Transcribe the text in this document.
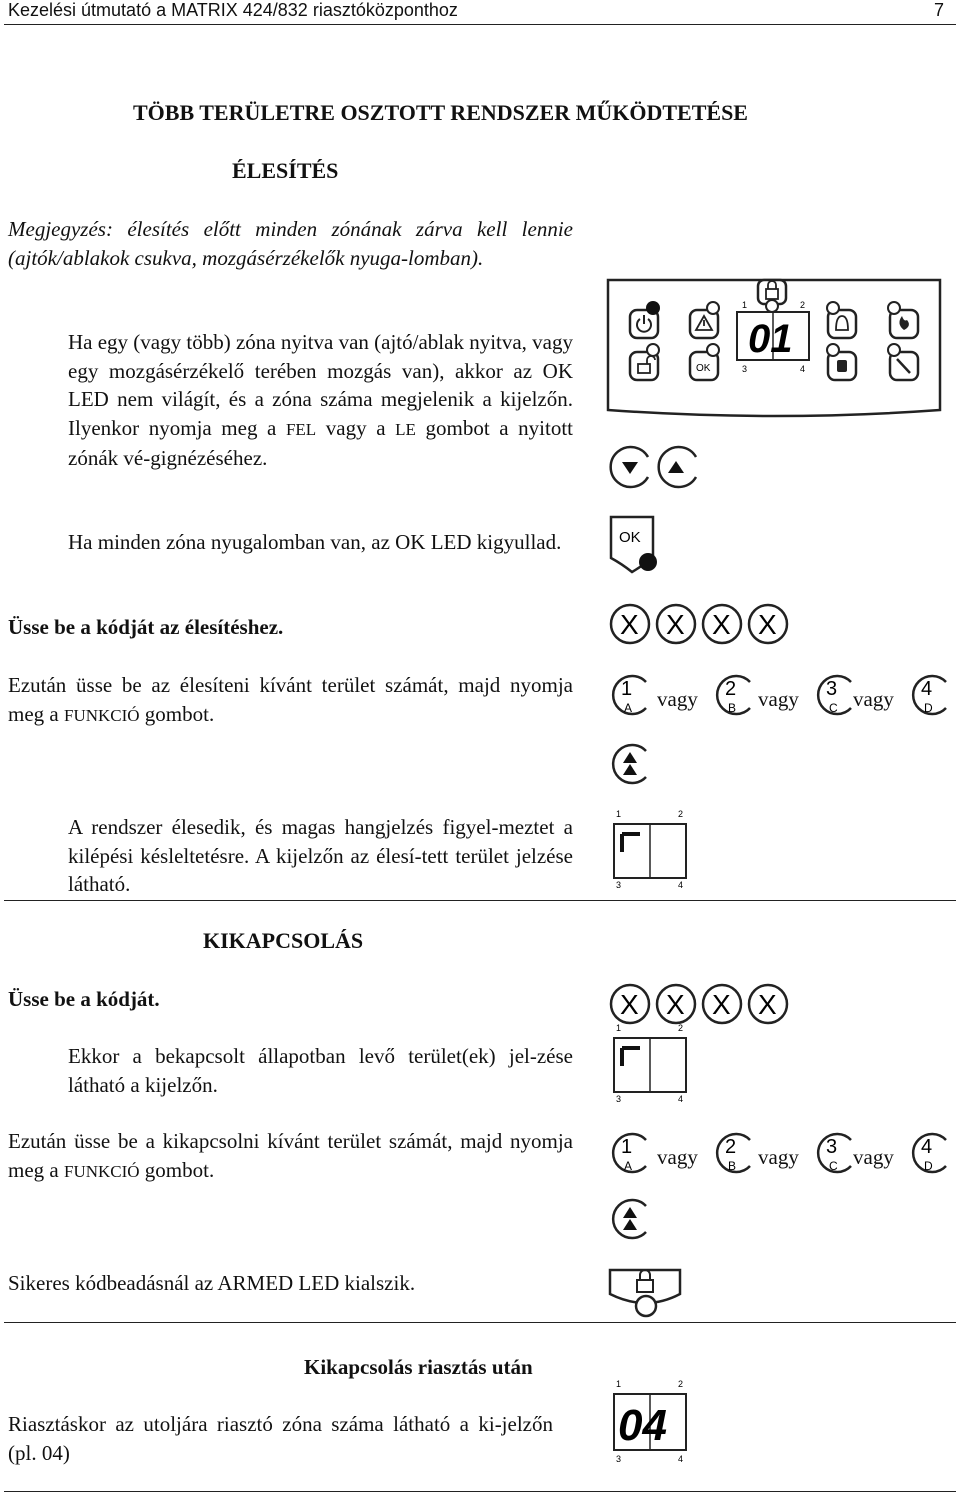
Kezelési útmutató a MATRIX 424/832 riasztóközponthoz	7
TÖBB TERÜLETRE OSZTOTT RENDSZER MŰKÖDTETÉSE
ÉLESÍTÉS
Megjegyzés: élesítés előtt minden zónának zárva kell lennie (ajtók/ablakok csukva, mozgásérzékelők nyuga-lomban).
Ha egy (vagy több) zóna nyitva van (ajtó/ablak nyitva, vagy egy mozgásérzékelő terében mozgás van), akkor az OK LED nem világít, és a zóna száma megjelenik a kijelzőn. Ilyenkor nyomja meg a FEL vagy a LE gombot a nyitott zónák vé-gignézéséhez.
Ha minden zóna nyugalomban van, az OK LED kigyullad.
Üsse be a kódját az élesítéshez.
Ezután üsse be az élesíteni kívánt terület számát, majd nyomja meg a FUNKCIÓ gombot.
A rendszer élesedik, és magas hangjelzés figyel-meztet a kilépési késleltetésre. A kijelzőn az élesí-tett terület jelzése látható.
KIKAPCSOLÁS
Üsse be a kódját.
Ekkor a bekapcsolt állapotban levő terület(ek) jel-zése látható a kijelzőn.
Ezután üsse be a kikapcsolni kívánt terület számát, majd nyomja meg a FUNKCIÓ gombot.
Sikeres kódbeadásnál az ARMED LED kialszik.
Kikapcsolás riasztás után
Riasztáskor az utoljára riasztó zóna száma látható a ki-jelzőn (pl. 04)
1	2
3	4
01
OK
OK
X X X X
1
A vagy 2
B vagy 3
C vagy 4
D
1	2
3	4
X X X X
1	2
3	4
1
A vagy 2
B vagy 3
C vagy 4
D
1	2
04
3	4
